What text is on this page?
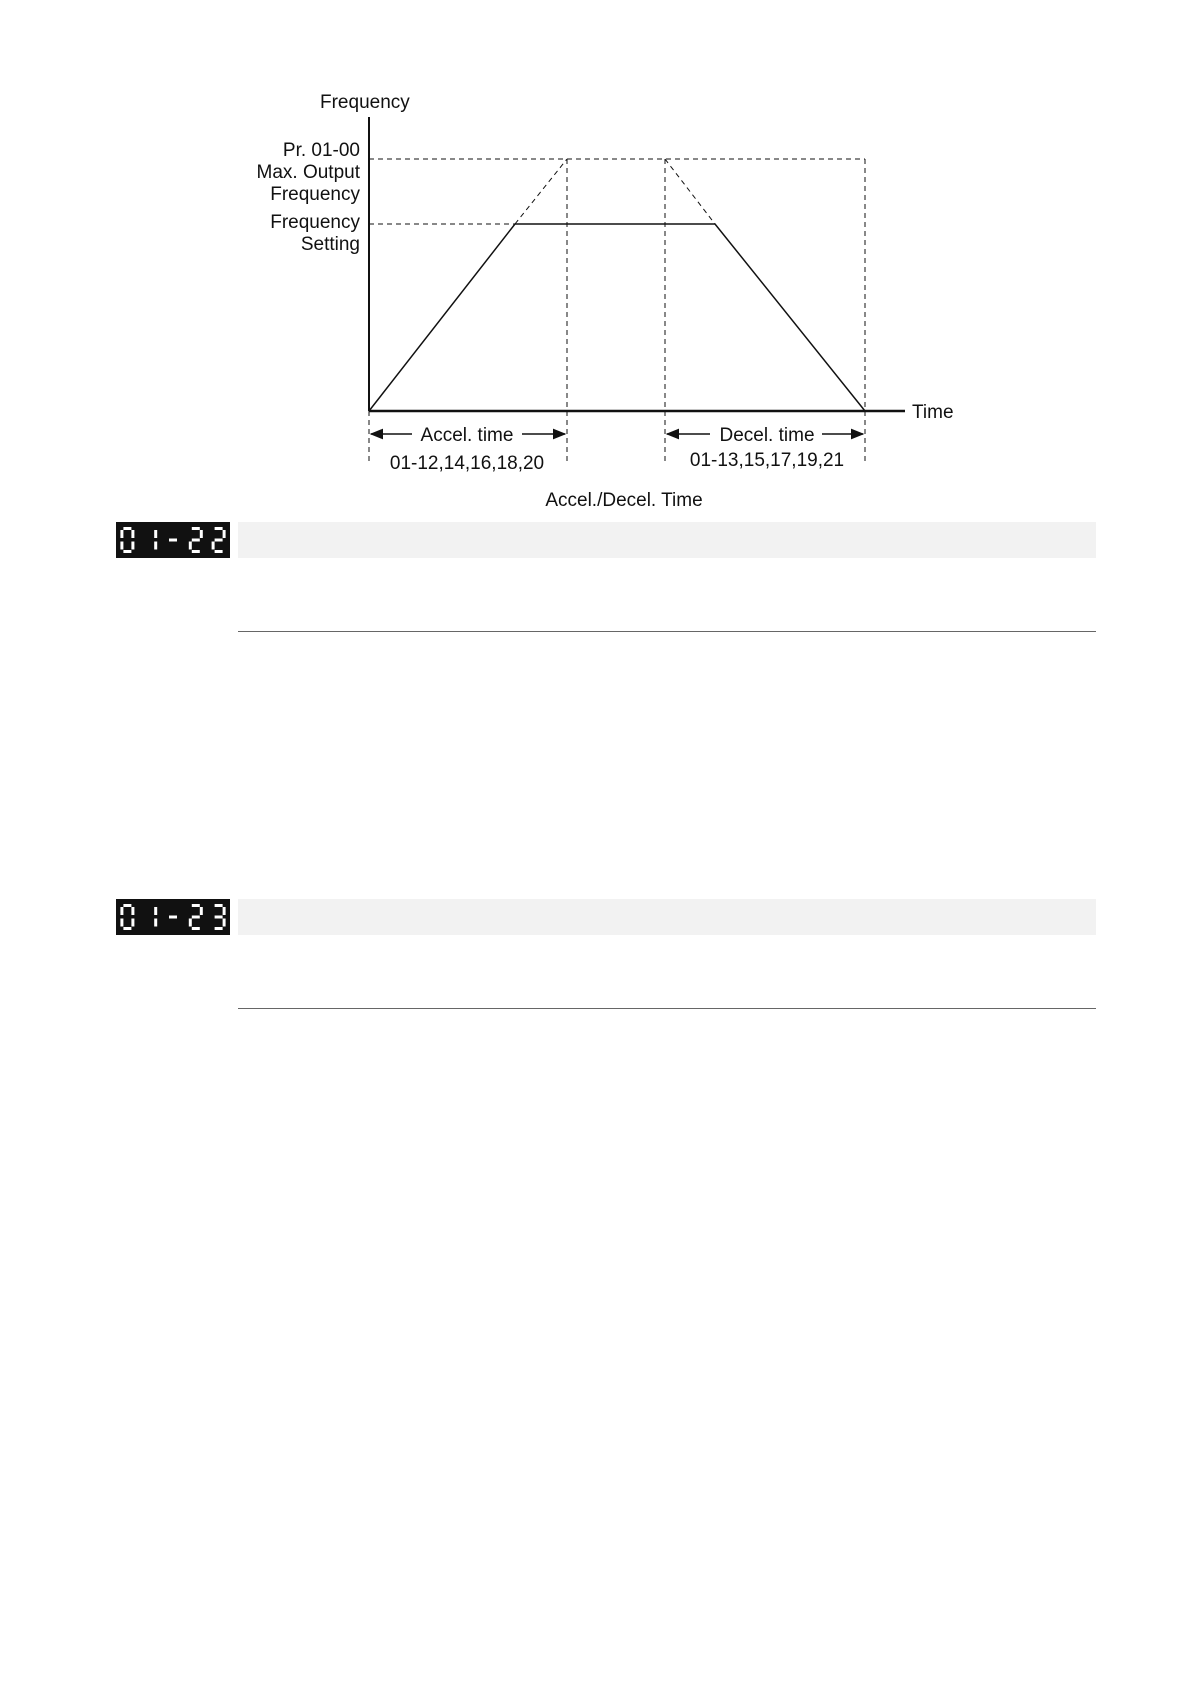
Frequency
Time
Pr. 01-00
Max. Output
Frequency
Frequency
Setting
Accel. time
01-12,14,16,18,20
Decel. time
01-13,15,17,19,21
Accel./Decel. Time
